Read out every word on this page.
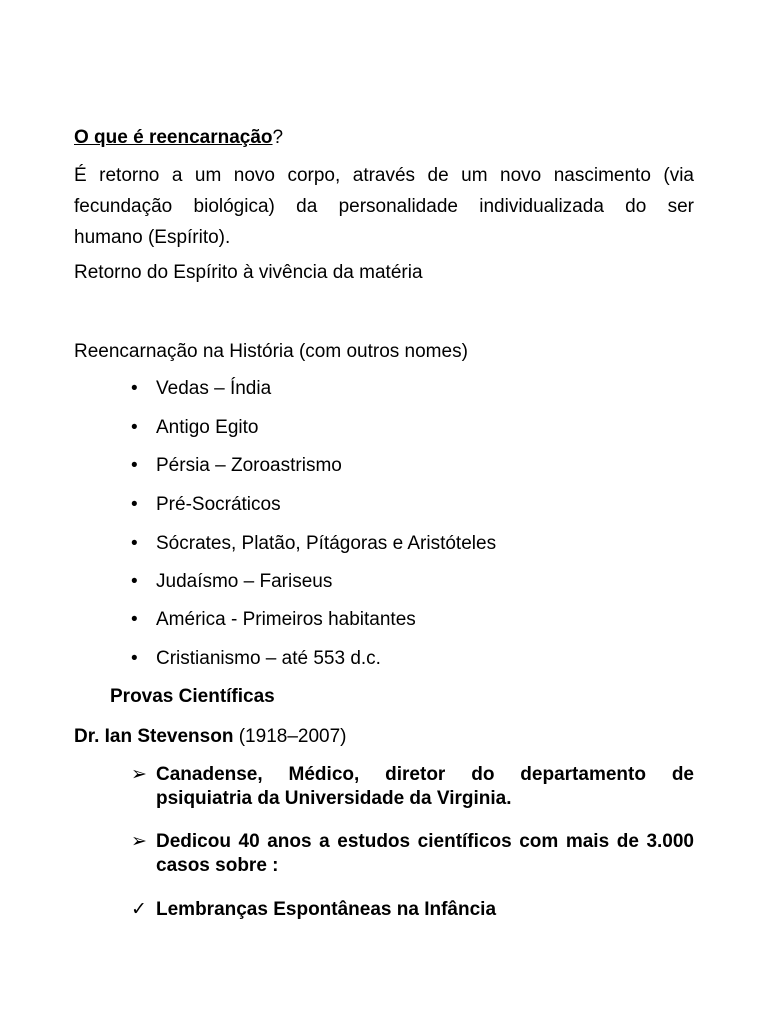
O que é reencarnação?
É retorno a um novo corpo, através de um novo nascimento (via
fecundação biológica) da personalidade individualizada do ser
humano (Espírito).
Retorno do Espírito à vivência da matéria
Reencarnação na História (com outros nomes)
• Vedas – Índia
• Antigo Egito
• Pérsia – Zoroastrismo
• Pré-Socráticos
• Sócrates, Platão, Pítágoras e Aristóteles
• Judaísmo – Fariseus
• América - Primeiros habitantes
• Cristianismo – até 553 d.c.
Provas Científicas
Dr. Ian Stevenson (1918–2007)
➢ Canadense, Médico, diretor do departamento de
psiquiatria da Universidade da Virginia.
➢ Dedicou 40 anos a estudos científicos com mais de 3.000
casos sobre :
✓ Lembranças Espontâneas na Infância
